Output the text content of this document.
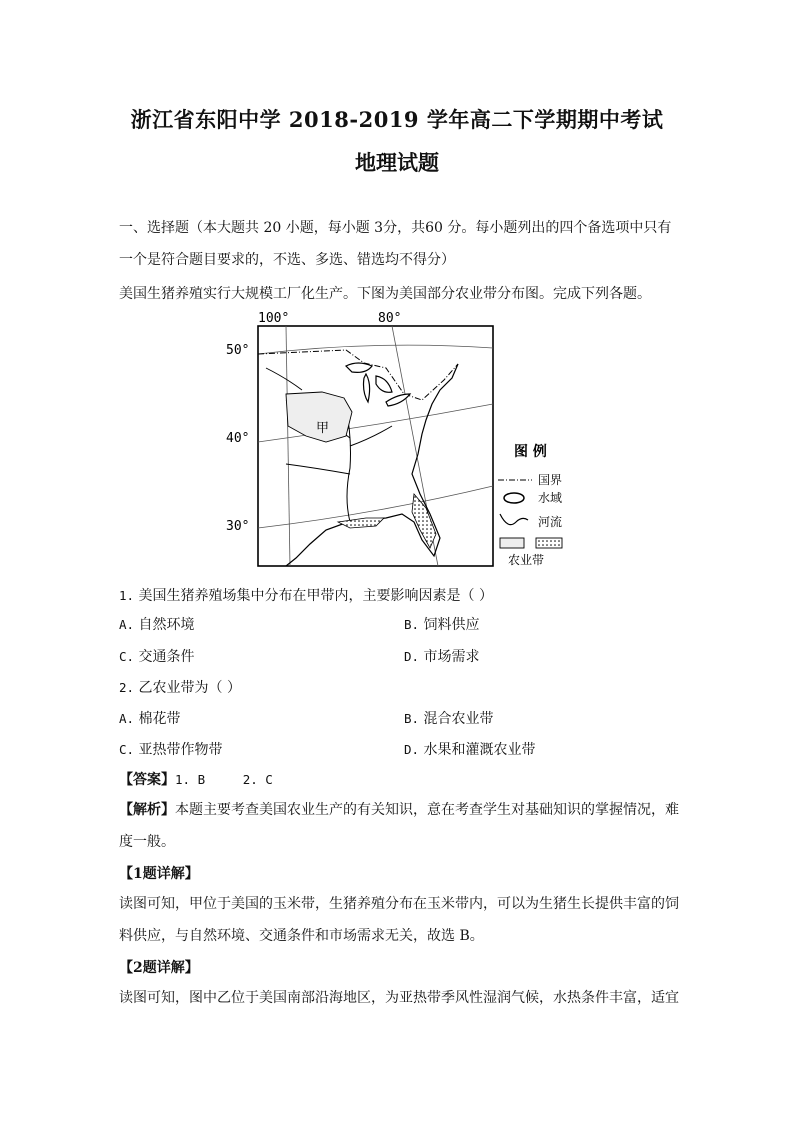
浙江省东阳中学 2018-2019 学年高二下学期期中考试
地理试题

一、选择题（本大题共 20 小题，每小题 3分，共60 分。每小题列出的四个备选项中只有一个是符合题目要求的，不选、多选、错选均不得分）

美国生猪养殖实行大规模工厂化生产。下图为美国部分农业带分布图。完成下列各题。
100°	80°
50°
40°
30°
甲
图 例
国界
水域
河流
农业带
1. 美国生猪养殖场集中分布在甲带内，主要影响因素是（ ）
A. 自然环境	B. 饲料供应
C. 交通条件	D. 市场需求
2. 乙农业带为（ ）
A. 棉花带	B. 混合农业带
C. 亚热带作物带	D. 水果和灌溉农业带
【答案】1. B     2. C

【解析】本题主要考查美国农业生产的有关知识，意在考查学生对基础知识的掌握情况，难度一般。

【1题详解】

读图可知，甲位于美国的玉米带，生猪养殖分布在玉米带内，可以为生猪生长提供丰富的饲料供应，与自然环境、交通条件和市场需求无关，故选 B。

【2题详解】

读图可知，图中乙位于美国南部沿海地区，为亚热带季风性湿润气候，水热条件丰富，适宜
